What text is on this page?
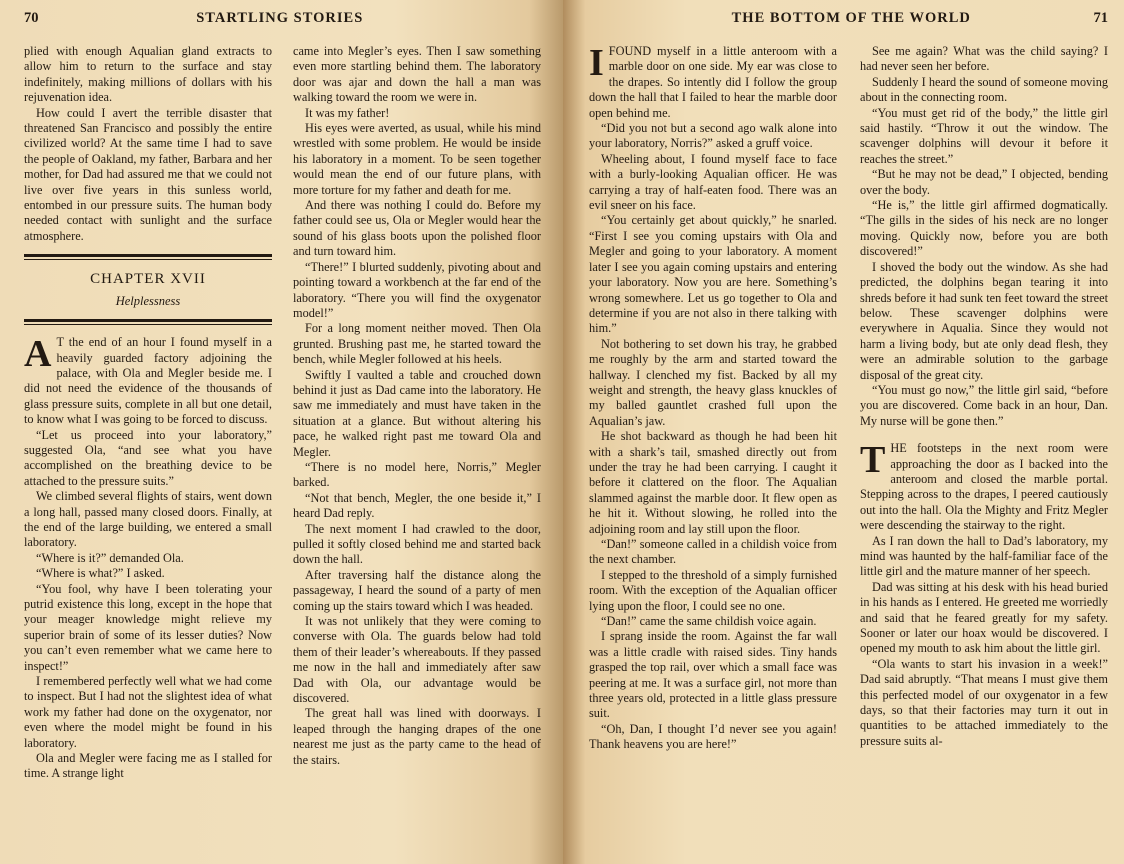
70	STARTLING STORIES

plied with enough Aqualian gland extracts to allow him to return to the surface and stay indefinitely, making millions of dollars with his rejuvenation idea.

How could I avert the terrible disaster that threatened San Francisco and possibly the entire civilized world? At the same time I had to save the people of Oakland, my father, Barbara and her mother, for Dad had assured me that we could not live over five years in this sunless world, entombed in our pressure suits. The human body needed contact with sunlight and the surface atmosphere.

CHAPTER XVII
Helplessness

A T the end of an hour I found myself in a heavily guarded factory adjoining the palace, with Ola and Megler beside me. I did not need the evidence of the thousands of glass pressure suits, complete in all but one detail, to know what I was going to be forced to discuss.

“Let us proceed into your laboratory,” suggested Ola, “and see what you have accomplished on the breathing device to be attached to the pressure suits.”

We climbed several flights of stairs, went down a long hall, passed many closed doors. Finally, at the end of the large building, we entered a small laboratory.

“Where is it?” demanded Ola.

“Where is what?” I asked.

“You fool, why have I been tolerating your putrid existence this long, except in the hope that your meager knowledge might relieve my superior brain of some of its lesser duties? Now you can’t even remember what we came here to inspect!”

I remembered perfectly well what we had come to inspect. But I had not the slightest idea of what work my father had done on the oxygenator, nor even where the model might be found in his laboratory.

Ola and Megler were facing me as I stalled for time. A strange light

came into Megler’s eyes. Then I saw something even more startling behind them. The laboratory door was ajar and down the hall a man was walking toward the room we were in.

It was my father!

His eyes were averted, as usual, while his mind wrestled with some problem. He would be inside his laboratory in a moment. To be seen together would mean the end of our future plans, with more torture for my father and death for me.

And there was nothing I could do. Before my father could see us, Ola or Megler would hear the sound of his glass boots upon the polished floor and turn toward him.

“There!” I blurted suddenly, pivoting about and pointing toward a workbench at the far end of the laboratory. “There you will find the oxygenator model!”

For a long moment neither moved. Then Ola grunted. Brushing past me, he started toward the bench, while Megler followed at his heels.

Swiftly I vaulted a table and crouched down behind it just as Dad came into the laboratory. He saw me immediately and must have taken in the situation at a glance. But without altering his pace, he walked right past me toward Ola and Megler.

“There is no model here, Norris,” Megler barked.

“Not that bench, Megler, the one beside it,” I heard Dad reply.

The next moment I had crawled to the door, pulled it softly closed behind me and started back down the hall.

After traversing half the distance along the passageway, I heard the sound of a party of men coming up the stairs toward which I was headed.

It was not unlikely that they were coming to converse with Ola. The guards below had told them of their leader’s whereabouts. If they passed me now in the hall and immediately after saw Dad with Ola, our advantage would be discovered.

The great hall was lined with doorways. I leaped through the hanging drapes of the one nearest me just as the party came to the head of the stairs.

THE BOTTOM OF THE WORLD	71

IFOUND myself in a little anteroom with a marble door on one side. My ear was close to the drapes. So intently did I follow the group down the hall that I failed to hear the marble door open behind me.

“Did you not but a second ago walk alone into your laboratory, Norris?” asked a gruff voice.

Wheeling about, I found myself face to face with a burly-looking Aqualian officer. He was carrying a tray of half-eaten food. There was an evil sneer on his face.

“You certainly get about quickly,” he snarled. “First I see you coming upstairs with Ola and Megler and going to your laboratory. A moment later I see you again coming upstairs and entering your laboratory. Now you are here. Something’s wrong somewhere. Let us go together to Ola and determine if you are not also in there talking with him.”

Not bothering to set down his tray, he grabbed me roughly by the arm and started toward the hallway. I clenched my fist. Backed by all my weight and strength, the heavy glass knuckles of my balled gauntlet crashed full upon the Aqualian’s jaw.

He shot backward as though he had been hit with a shark’s tail, smashed directly out from under the tray he had been carrying. I caught it before it clattered on the floor. The Aqualian slammed against the marble door. It flew open as he hit it. Without slowing, he rolled into the adjoining room and lay still upon the floor.

“Dan!” someone called in a childish voice from the next chamber.

I stepped to the threshold of a simply furnished room. With the exception of the Aqualian officer lying upon the floor, I could see no one.

“Dan!” came the same childish voice again.

I sprang inside the room. Against the far wall was a little cradle with raised sides. Tiny hands grasped the top rail, over which a small face was peering at me. It was a surface girl, not more than three years old, protected in a little glass pressure suit.

“Oh, Dan, I thought I’d never see you again! Thank heavens you are here!”

See me again? What was the child saying? I had never seen her before.

Suddenly I heard the sound of someone moving about in the connecting room.

“You must get rid of the body,” the little girl said hastily. “Throw it out the window. The scavenger dolphins will devour it before it reaches the street.”

“But he may not be dead,” I objected, bending over the body.

“He is,” the little girl affirmed dogmatically. “The gills in the sides of his neck are no longer moving. Quickly now, before you are both discovered!”

I shoved the body out the window. As she had predicted, the dolphins began tearing it into shreds before it had sunk ten feet toward the street below. These scavenger dolphins were everywhere in Aqualia. Since they would not harm a living body, but ate only dead flesh, they were an admirable solution to the garbage disposal of the great city.

“You must go now,” the little girl said, “before you are discovered. Come back in an hour, Dan. My nurse will be gone then.”

THE footsteps in the next room were approaching the door as I backed into the anteroom and closed the marble portal. Stepping across to the drapes, I peered cautiously out into the hall. Ola the Mighty and Fritz Megler were descending the stairway to the right.

As I ran down the hall to Dad’s laboratory, my mind was haunted by the half-familiar face of the little girl and the mature manner of her speech.

Dad was sitting at his desk with his head buried in his hands as I entered. He greeted me worriedly and said that he feared greatly for my safety. Sooner or later our hoax would be discovered. I opened my mouth to ask him about the little girl.

“Ola wants to start his invasion in a week!” Dad said abruptly. “That means I must give them this perfected model of our oxygenator in a few days, so that their factories may turn it out in quantities to be attached immediately to the pressure suits al-
